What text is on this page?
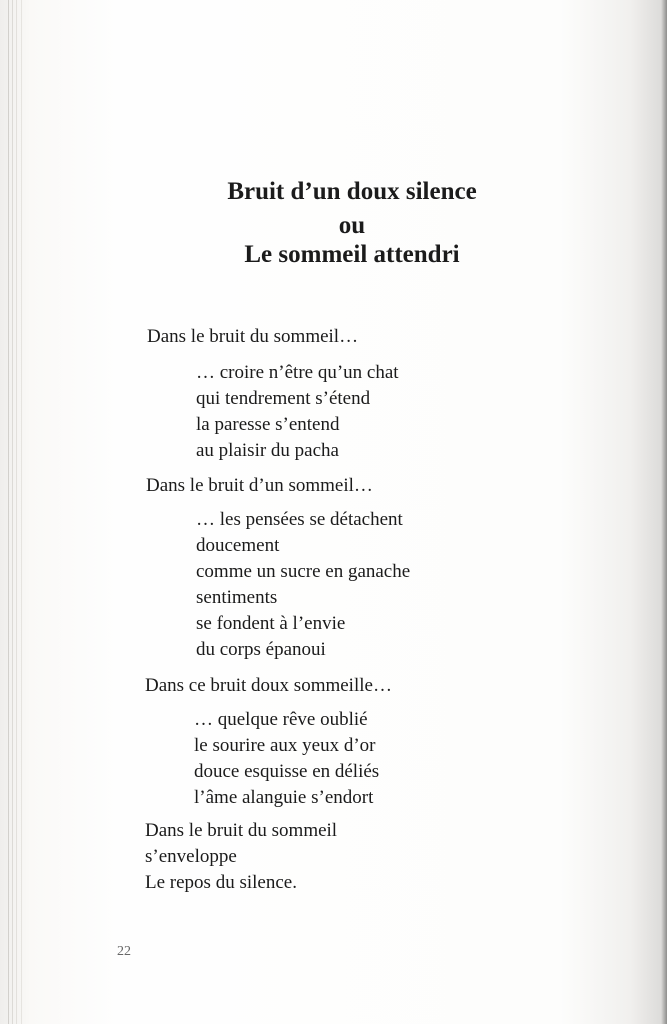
Bruit d’un doux silence
ou
Le sommeil attendri

Dans le bruit du sommeil…

… croire n’être qu’un chat

qui tendrement s’étend

la paresse s’entend

au plaisir du pacha

Dans le bruit d’un sommeil…

… les pensées se détachent

doucement

comme un sucre en ganache

sentiments

se fondent à l’envie

du corps épanoui

Dans ce bruit doux sommeille…

… quelque rêve oublié

le sourire aux yeux d’or

douce esquisse en déliés

l’âme alanguie s’endort

Dans le bruit du sommeil

s’enveloppe

Le repos du silence.

22
